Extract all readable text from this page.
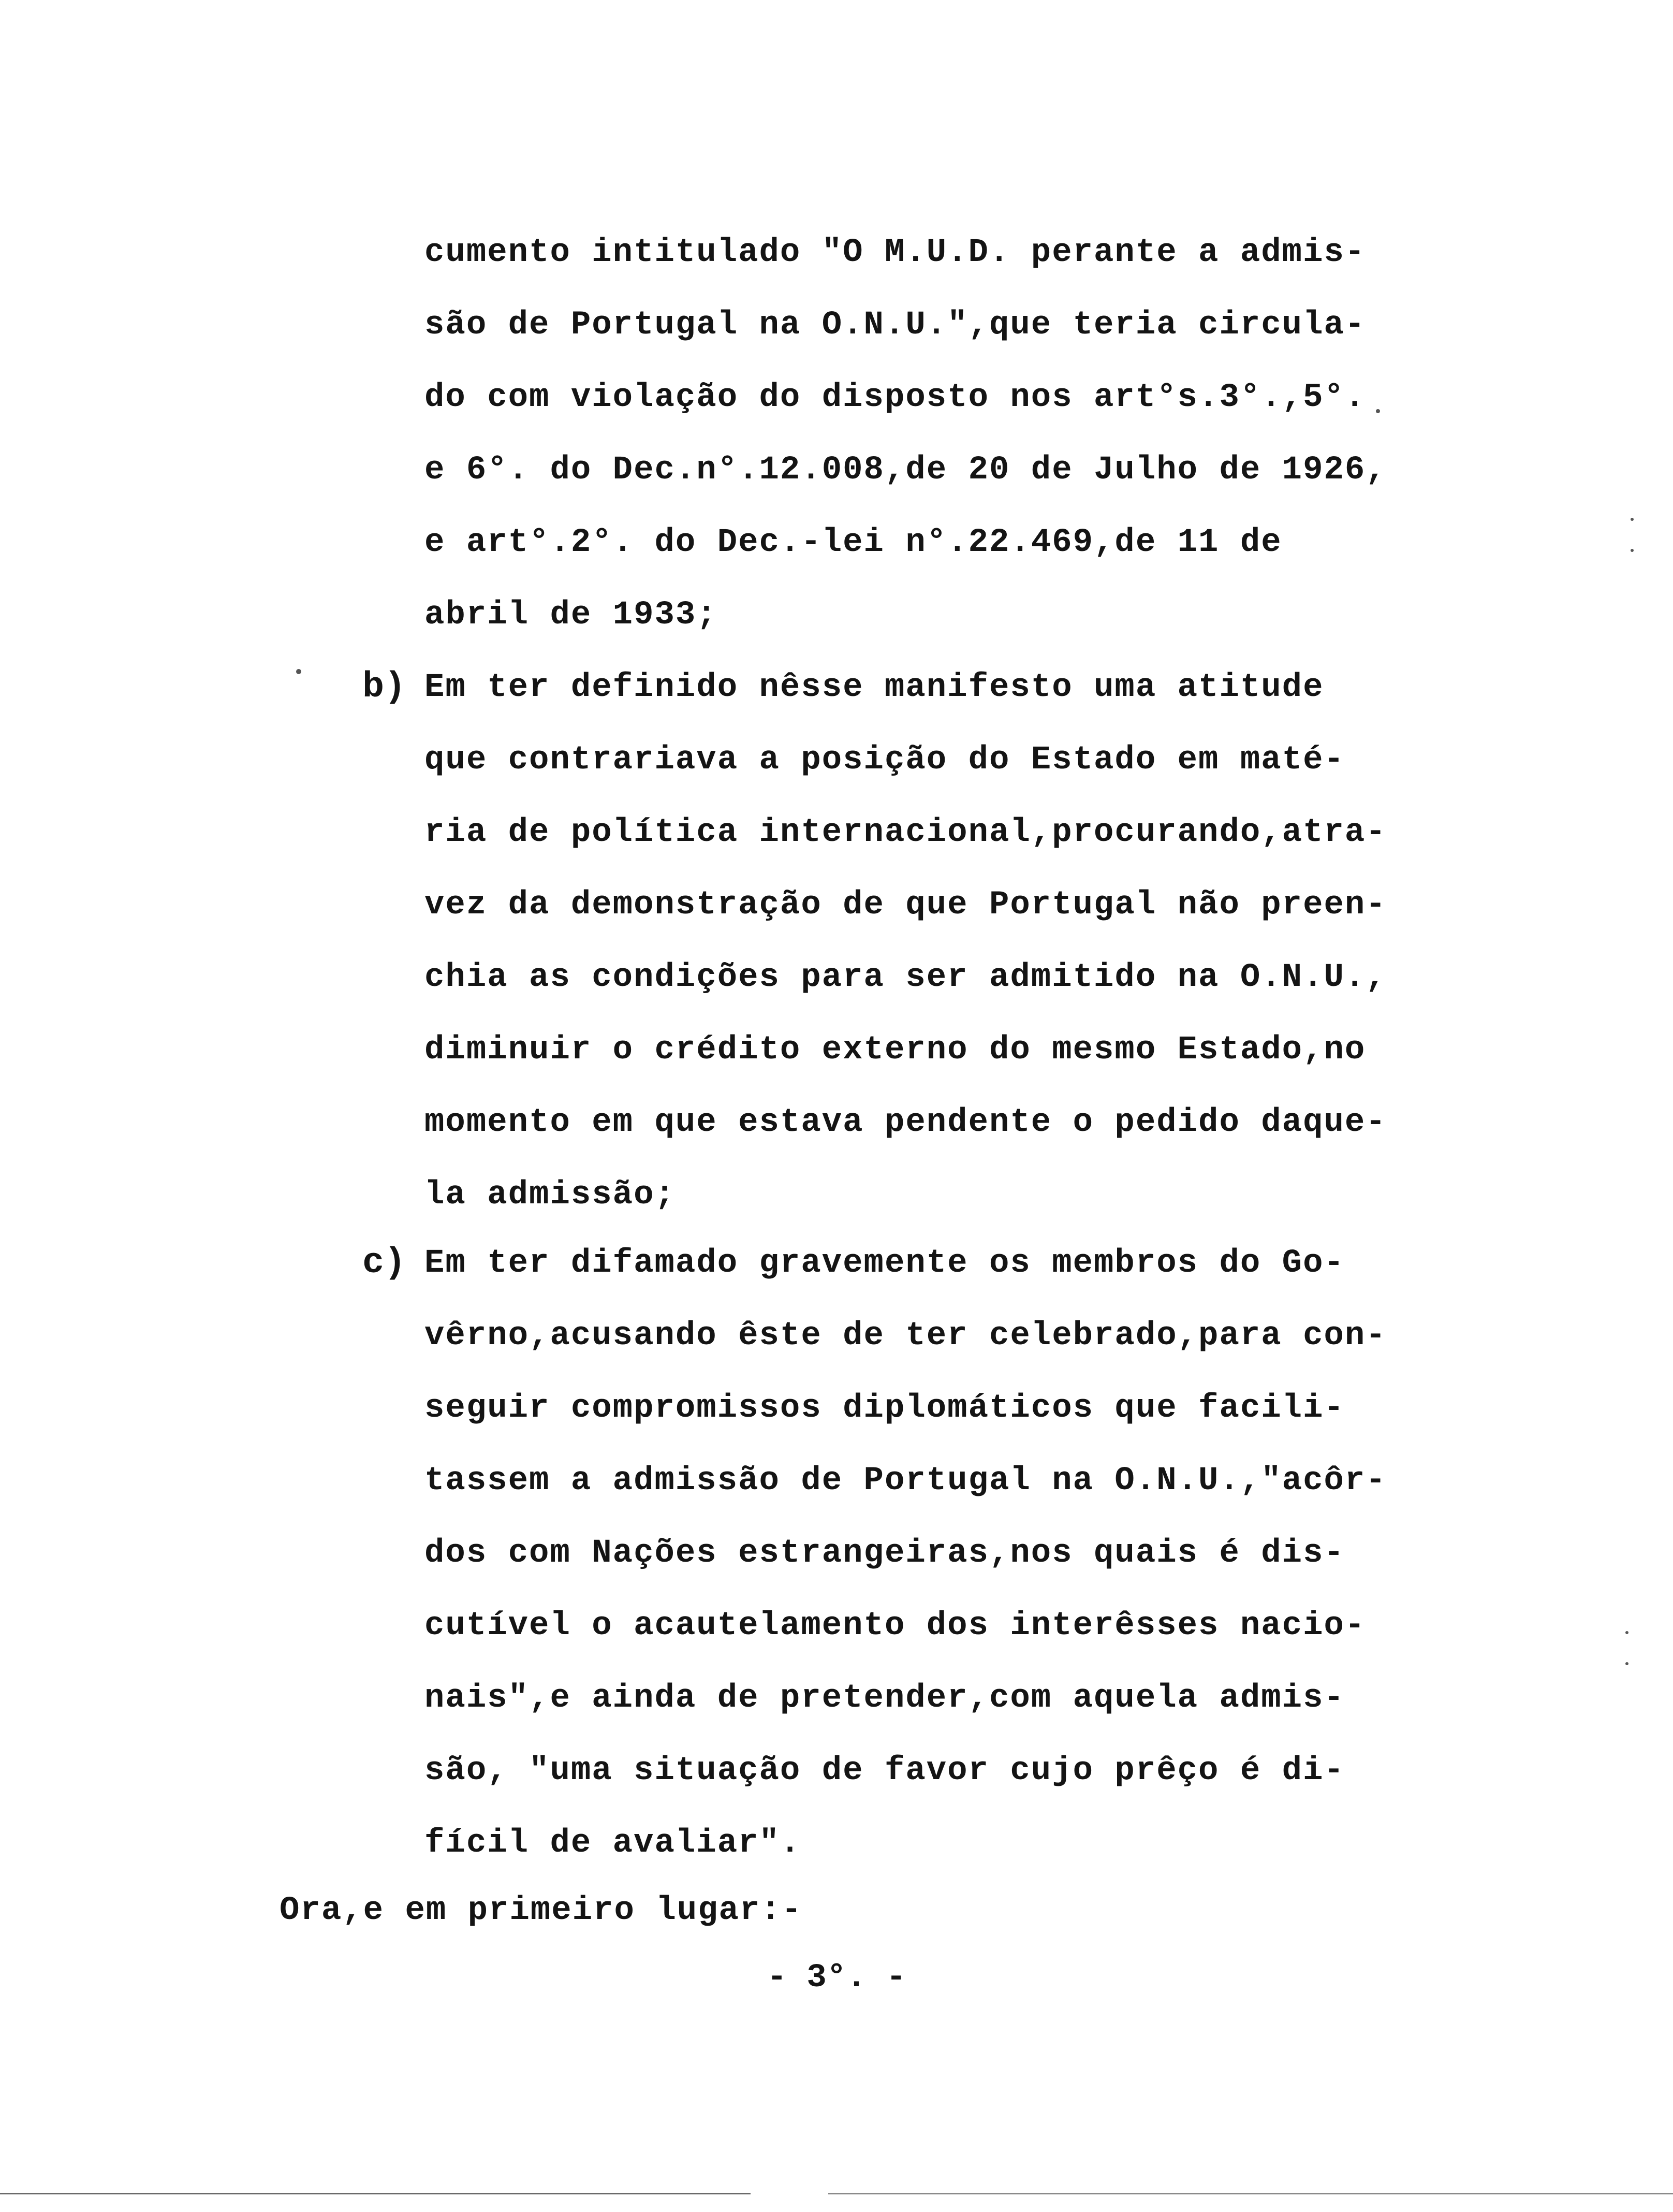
cumento intitulado "O M.U.D. perante a admis-
são de Portugal na O.N.U.",que teria circula-
do com violação do disposto nos art°s.3°.,5°.
e 6°. do Dec.n°.12.008,de 20 de Julho de 1926,
e art°.2°. do Dec.-lei n°.22.469,de 11 de
abril de 1933;
b) Em ter definido nêsse manifesto uma atitude
que contrariava a posição do Estado em maté-
ria de política internacional,procurando,atra-
vez da demonstração de que Portugal não preen-
chia as condições para ser admitido na O.N.U.,
diminuir o crédito externo do mesmo Estado,no
momento em que estava pendente o pedido daque-
la admissão;
c) Em ter difamado gravemente os membros do Go-
vêrno,acusando êste de ter celebrado,para con-
seguir compromissos diplomáticos que facili-
tassem a admissão de Portugal na O.N.U.,"acôr-
dos com Nações estrangeiras,nos quais é dis-
cutível o acautelamento dos interêsses nacio-
nais",e ainda de pretender,com aquela admis-
são, "uma situação de favor cujo prêço é di-
fícil de avaliar".
Ora,e em primeiro lugar:-
- 3°. -
